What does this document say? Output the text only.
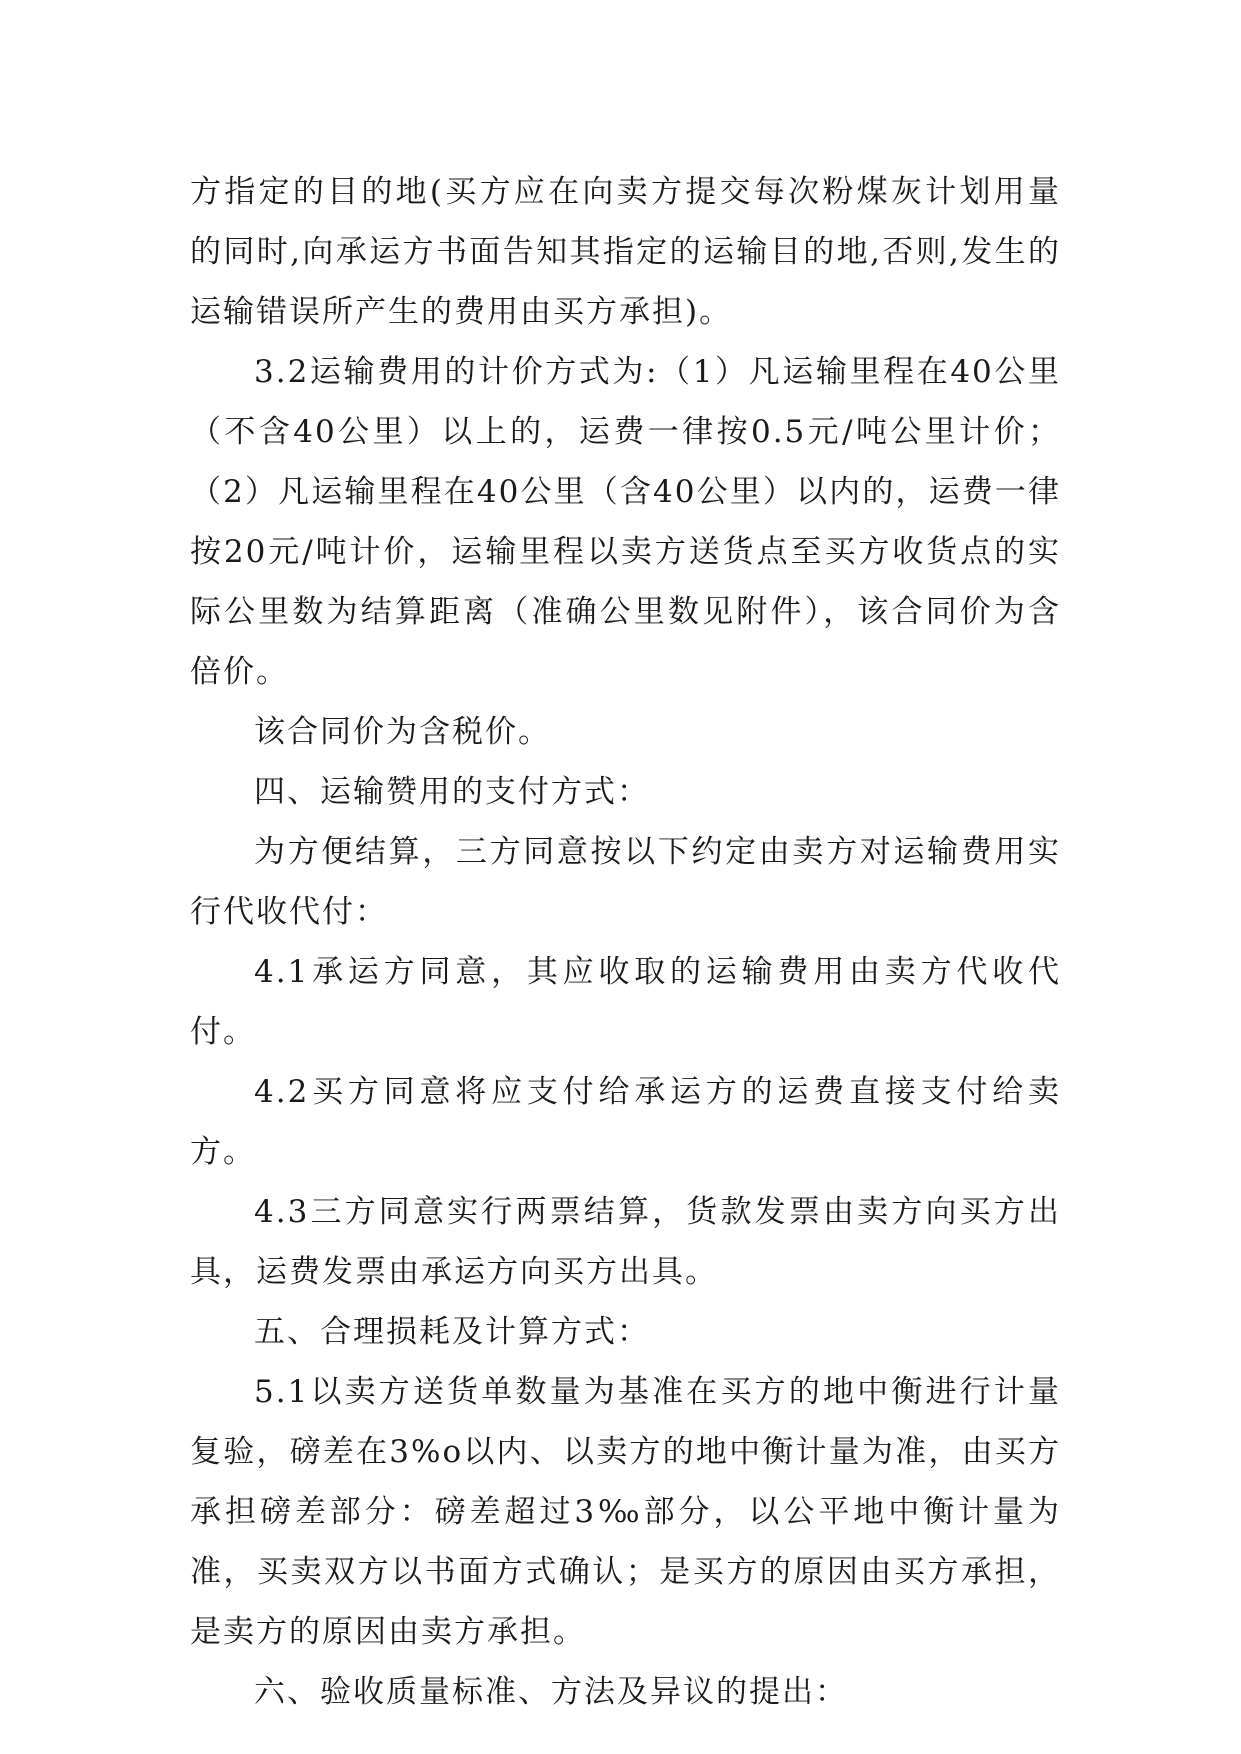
方指定的目的地(买方应在向卖方提交每次粉煤灰计划用量的同时,向承运方书面告知其指定的运输目的地,否则,发生的运输错误所产生的费用由买方承担)。

3.2运输费用的计价方式为:（1）凡运输里程在40公里（不含40公里）以上的，运费一律按0.5元/吨公里计价；（2）凡运输里程在40公里（含40公里）以内的，运费一律按20元/吨计价，运输里程以卖方送货点至买方收货点的实际公里数为结算距离（准确公里数见附件），该合同价为含倍价。

该合同价为含税价。

四、运输赞用的支付方式：

为方便结算，三方同意按以下约定由卖方对运输费用实行代收代付：

4.1承运方同意，其应收取的运输费用由卖方代收代付。

4.2买方同意将应支付给承运方的运费直接支付给卖方。

4.3三方同意实行两票结算，货款发票由卖方向买方出具，运费发票由承运方向买方出具。

五、合理损耗及计算方式：

5.1以卖方送货单数量为基准在买方的地中衡进行计量复验，磅差在3%o以内、以卖方的地中衡计量为准，由买方承担磅差部分：磅差超过3‰部分，以公平地中衡计量为准，买卖双方以书面方式确认；是买方的原因由买方承担，是卖方的原因由卖方承担。

六、验收质量标准、方法及异议的提出：
